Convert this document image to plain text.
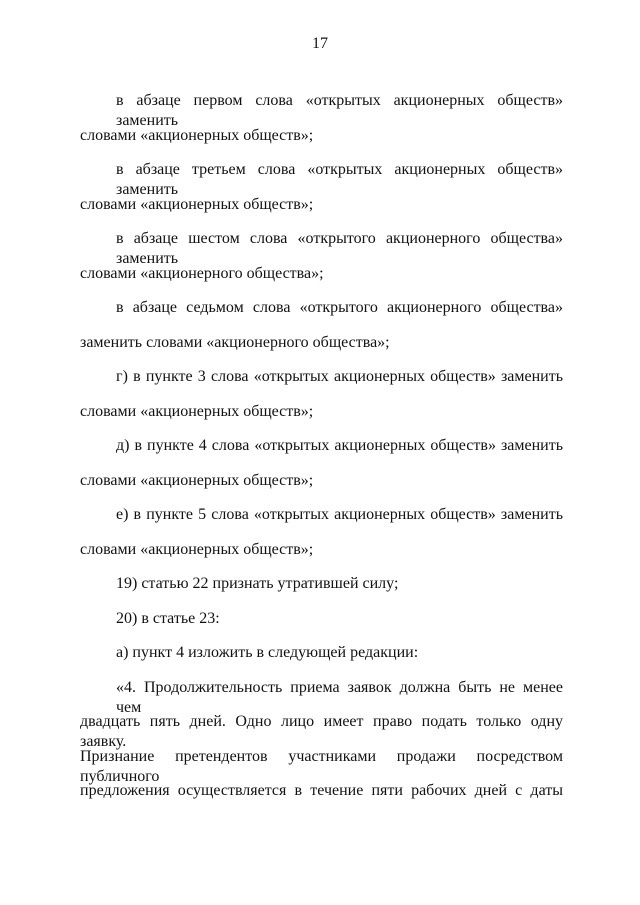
17
в абзаце первом слова «открытых акционерных обществ» заменить
словами «акционерных обществ»;
в абзаце третьем слова «открытых акционерных обществ» заменить
словами «акционерных обществ»;
в абзаце шестом слова «открытого акционерного общества» заменить
словами «акционерного общества»;
в абзаце седьмом слова «открытого акционерного общества»
заменить словами «акционерного общества»;
г) в пункте 3 слова «открытых акционерных обществ» заменить
словами «акционерных обществ»;
д) в пункте 4 слова «открытых акционерных обществ» заменить
словами «акционерных обществ»;
е) в пункте 5 слова «открытых акционерных обществ» заменить
словами «акционерных обществ»;
19) статью 22 признать утратившей силу;
20) в статье 23:
а) пункт 4 изложить в следующей редакции:
«4. Продолжительность приема заявок должна быть не менее чем
двадцать пять дней. Одно лицо имеет право подать только одну заявку.
Признание претендентов участниками продажи посредством публичного
предложения осуществляется в течение пяти рабочих дней с даты
